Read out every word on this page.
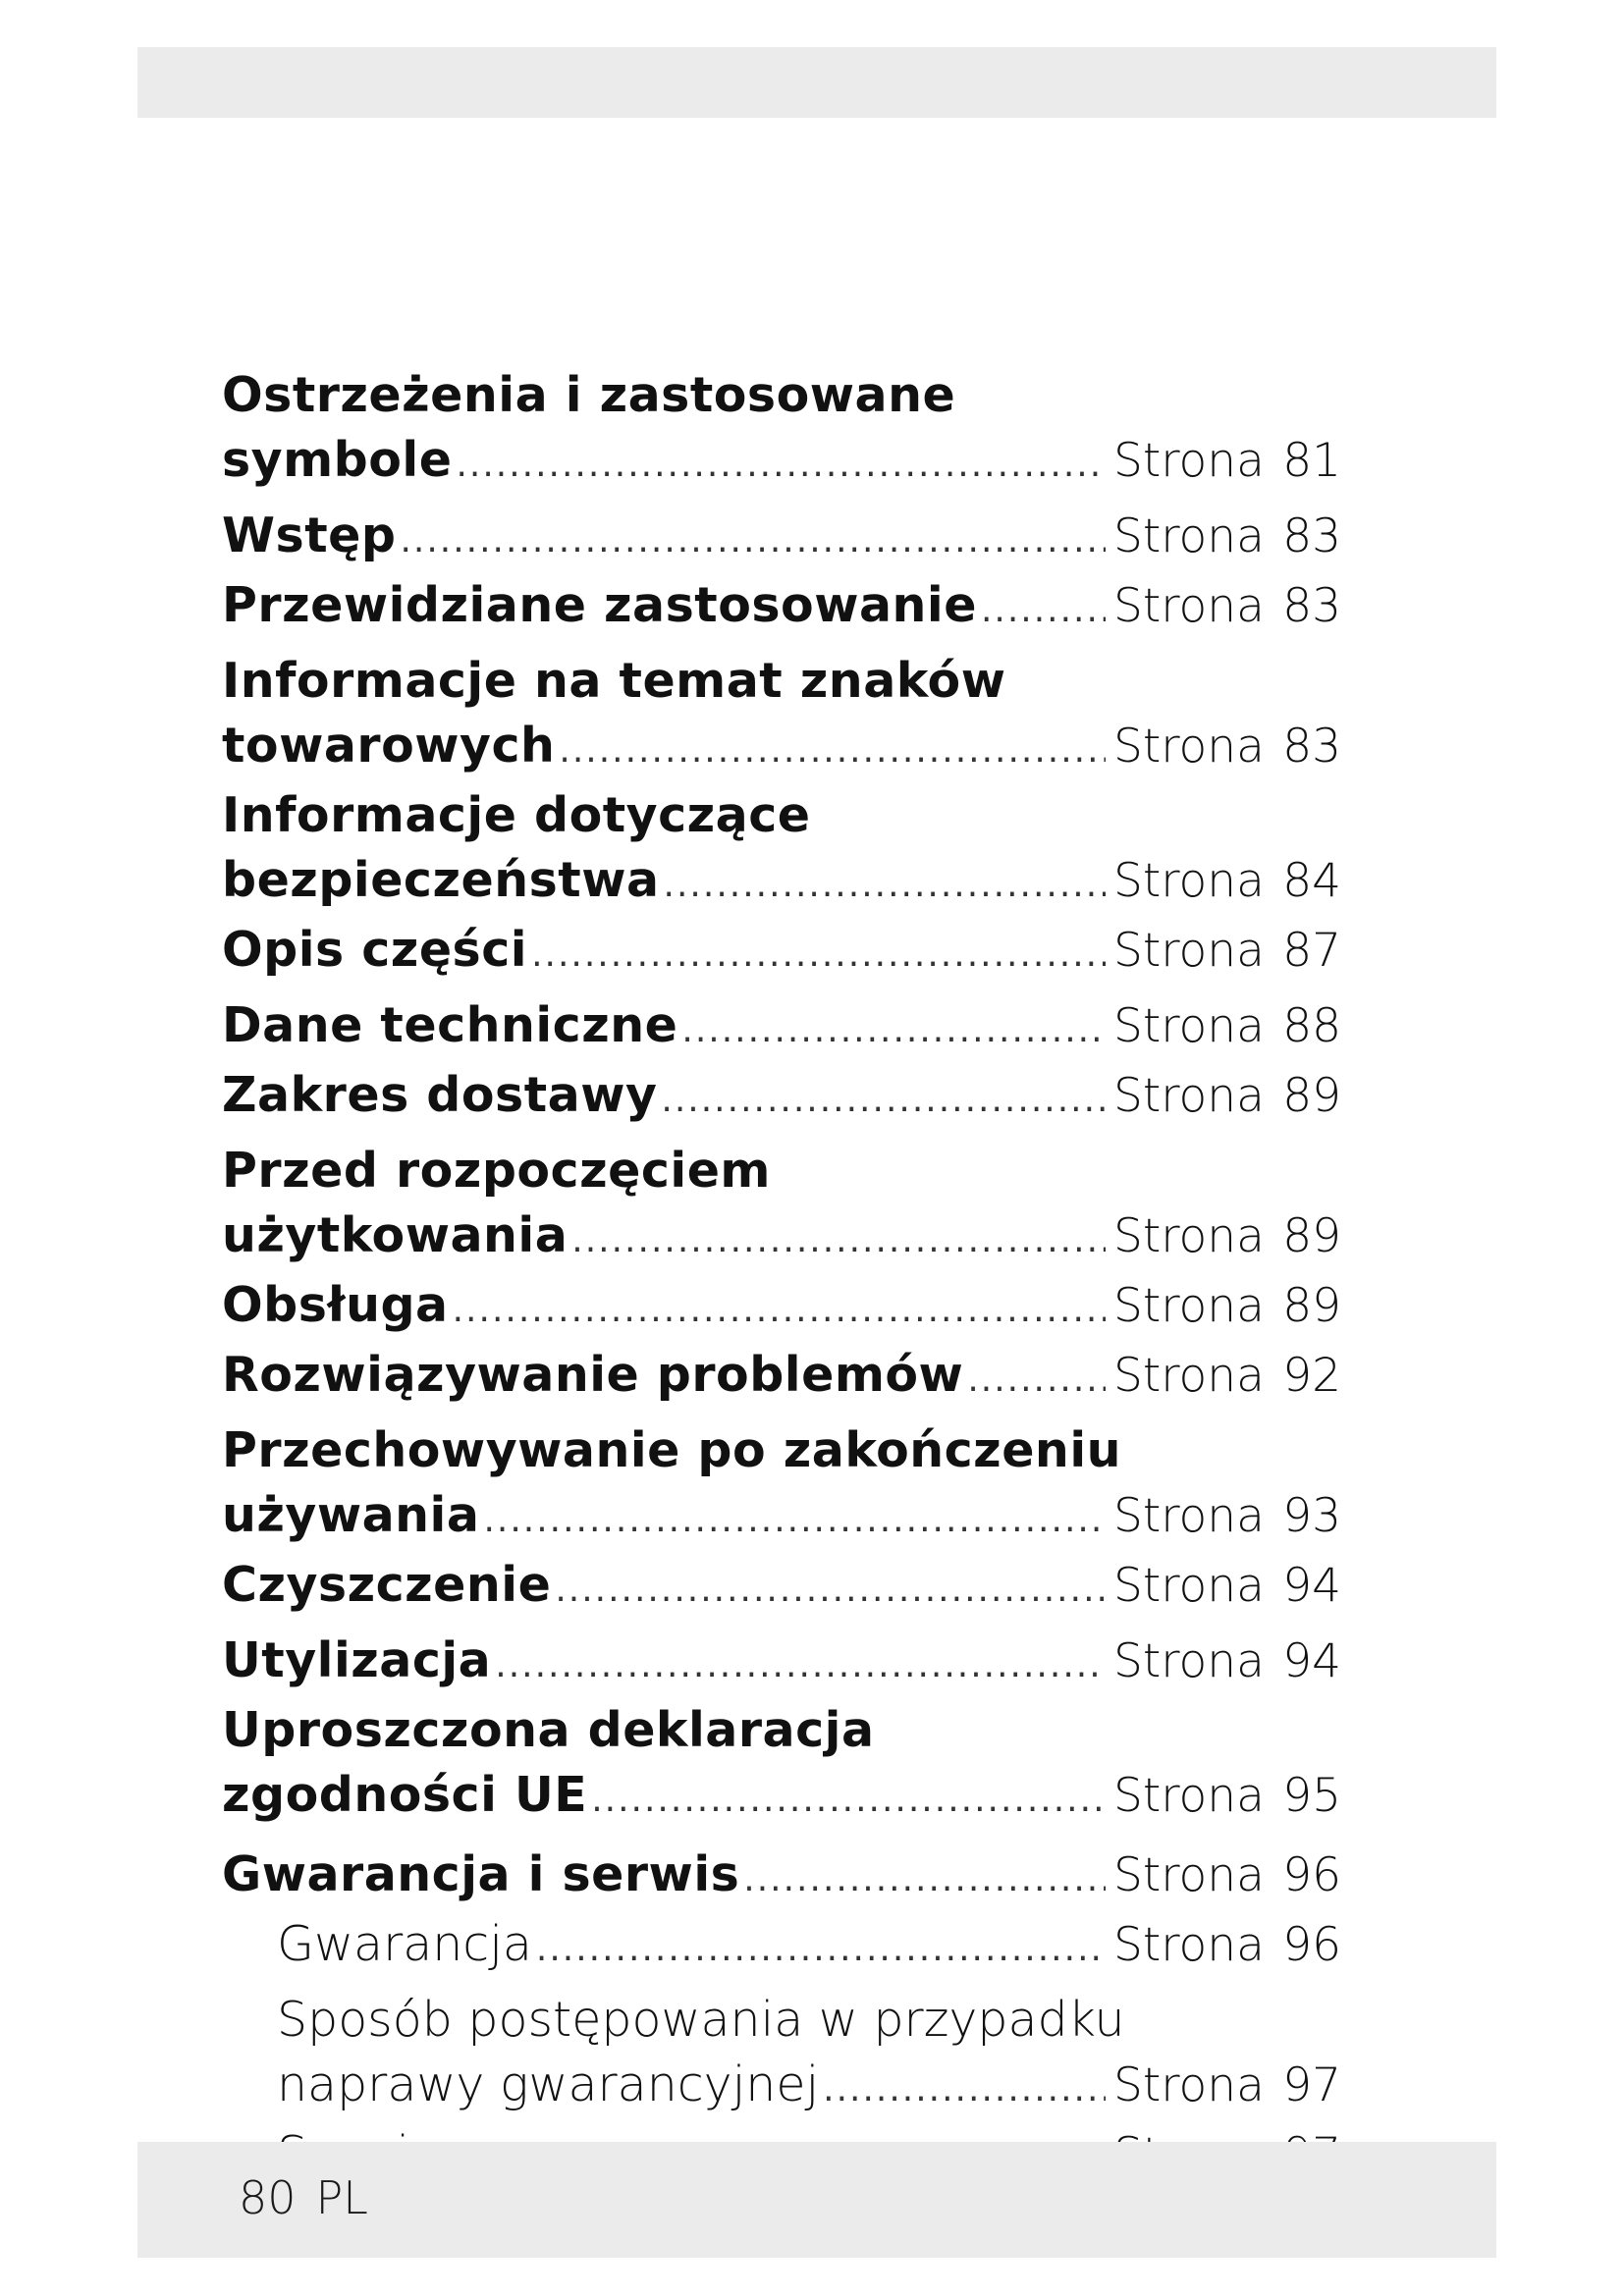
Ostrzeżenia i zastosowane
symbole .....	Strona 81
Wstęp .....	Strona 83
Przewidziane zastosowanie .....	Strona 83
Informacje na temat znaków
towarowych .....	Strona 83
Informacje dotyczące
bezpieczeństwa .....	Strona 84
Opis części .....	Strona 87
Dane techniczne .....	Strona 88
Zakres dostawy .....	Strona 89
Przed rozpoczęciem
użytkowania .....	Strona 89
Obsługa .....	Strona 89
Rozwiązywanie problemów .....	Strona 92
Przechowywanie po zakończeniu
używania .....	Strona 93
Czyszczenie .....	Strona 94
Utylizacja .....	Strona 94
Uproszczona deklaracja
zgodności UE .....	Strona 95
Gwarancja i serwis .....	Strona 96
Gwarancja .....	Strona 96
Sposób postępowania w przypadku
naprawy gwarancyjnej .....	Strona 97
.....
80 PL
